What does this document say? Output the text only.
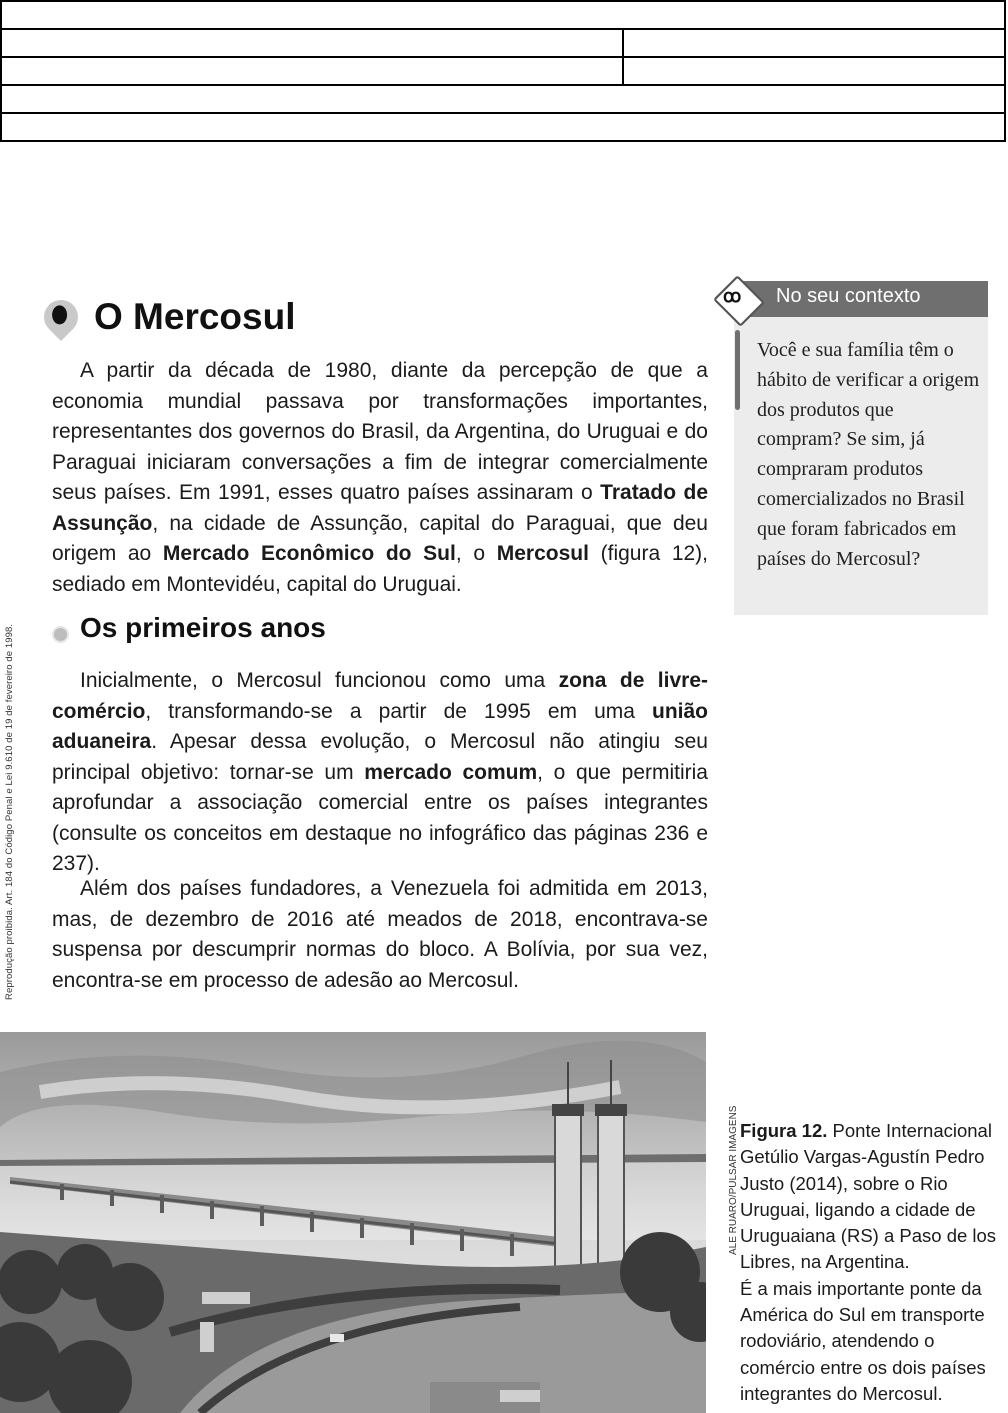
Reprodução proibida. Art. 184 do Código Penal e Lei 9.610 de 19 de fevereiro de 1998.
O Mercosul

A partir da década de 1980, diante da percepção de que a economia mundial passava por transformações importantes, representantes dos governos do Brasil, da Argentina, do Uruguai e do Paraguai iniciaram conversações a fim de integrar comercialmente seus países. Em 1991, esses quatro países assinaram o Tratado de Assunção, na cidade de Assunção, capital do Paraguai, que deu origem ao Mercado Econômico do Sul, o Mercosul (figura 12), sediado em Montevidéu, capital do Uruguai.

Os primeiros anos

Inicialmente, o Mercosul funcionou como uma zona de livre-comércio, transformando-se a partir de 1995 em uma união aduaneira. Apesar dessa evolução, o Mercosul não atingiu seu principal objetivo: tornar-se um mercado comum, o que permitiria aprofundar a associação comercial entre os países integrantes (consulte os conceitos em destaque no infográfico das páginas 236 e 237).

Além dos países fundadores, a Venezuela foi admitida em 2013, mas, de dezembro de 2016 até meados de 2018, encontrava-se suspensa por descumprir normas do bloco. A Bolívia, por sua vez, encontra-se em processo de adesão ao Mercosul.

ꝏ No seu contexto

Você e sua família têm o hábito de verificar a origem dos produtos que compram? Se sim, já compraram produtos comercializados no Brasil que foram fabricados em países do Mercosul?

ALE RUARO/PULSAR IMAGENS Figura 12. Ponte Internacional Getúlio Vargas-Agustín Pedro Justo (2014), sobre o Rio Uruguai, ligando a cidade de Uruguaiana (RS) a Paso de los Libres, na Argentina.
É a mais importante ponte da América do Sul em transporte rodoviário, atendendo o comércio entre os dois países integrantes do Mercosul.
